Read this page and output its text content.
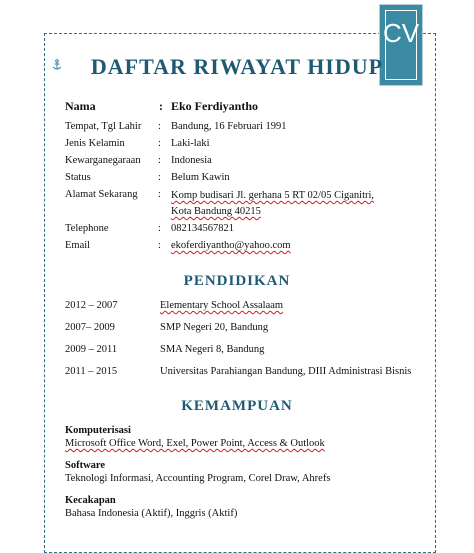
CV
DAFTAR RIWAYAT HIDUP
Nama	: Eko Ferdiyantho
Tempat, Tgl Lahir : Bandung, 16 Februari 1991
Jenis Kelamin	: Laki-laki
Kewarganegaraan : Indonesia
Status	: Belum Kawin
Alamat Sekarang : Komp budisari Jl. gerhana 5 RT 02/05 Ciganitri, Kota Bandung 40215
Telephone	: 082134567821
Email	: ekoferdiyantho@yahoo.com
PENDIDIKAN
2012 – 2007	Elementary School Assalaam
2007– 2009	SMP Negeri 20, Bandung
2009 – 2011	SMA Negeri 8, Bandung
2011 – 2015	Universitas Parahiangan Bandung, DIII Administrasi Bisnis
KEMAMPUAN
Komputerisasi
Microsoft Office Word, Exel, Power Point, Access & Outlook
Software
Teknologi Informasi, Accounting Program, Corel Draw, Ahrefs
Kecakapan
Bahasa Indonesia (Aktif), Inggris (Aktif)
